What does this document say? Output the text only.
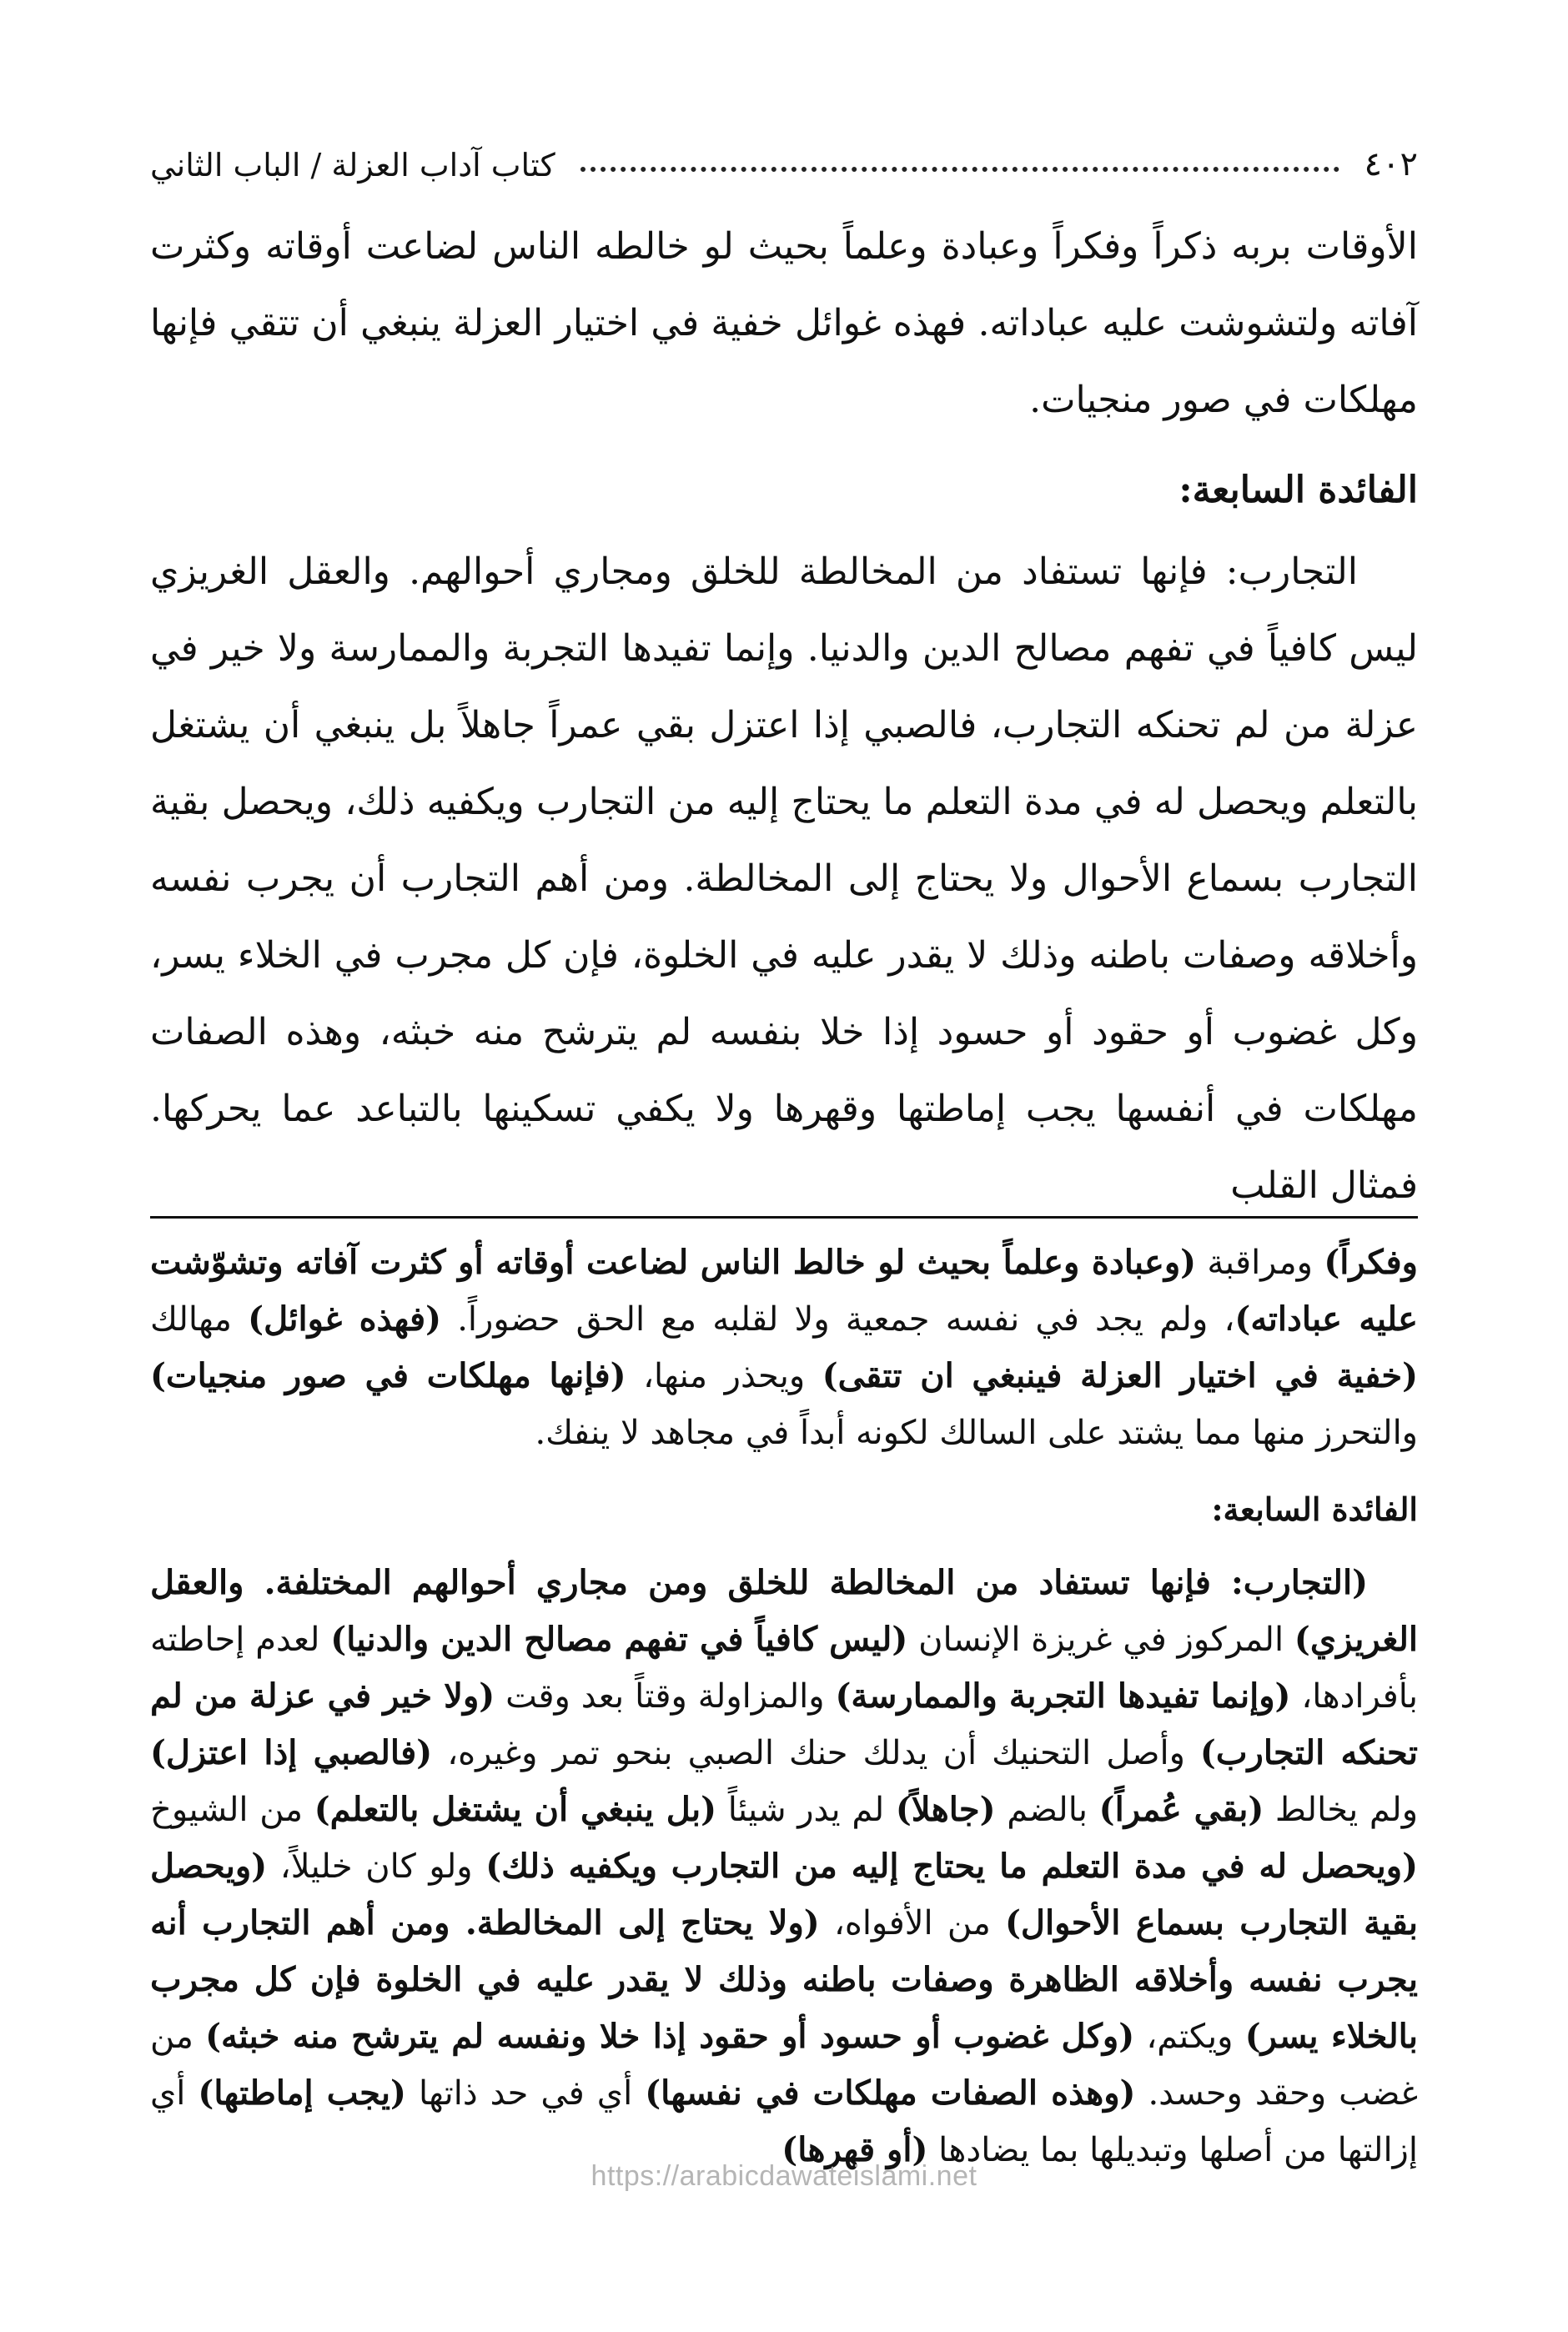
٤٠٢
كتاب آداب العزلة / الباب الثاني

الأوقات بربه ذكراً وفكراً وعبادة وعلماً بحيث لو خالطه الناس لضاعت أوقاته وكثرت آفاته ولتشوشت عليه عباداته. فهذه غوائل خفية في اختيار العزلة ينبغي أن تتقي فإنها مهلكات في صور منجيات.

الفائدة السابعة:

التجارب: فإنها تستفاد من المخالطة للخلق ومجاري أحوالهم. والعقل الغريزي ليس كافياً في تفهم مصالح الدين والدنيا. وإنما تفيدها التجربة والممارسة ولا خير في عزلة من لم تحنكه التجارب، فالصبي إذا اعتزل بقي عمراً جاهلاً بل ينبغي أن يشتغل بالتعلم ويحصل له في مدة التعلم ما يحتاج إليه من التجارب ويكفيه ذلك، ويحصل بقية التجارب بسماع الأحوال ولا يحتاج إلى المخالطة. ومن أهم التجارب أن يجرب نفسه وأخلاقه وصفات باطنه وذلك لا يقدر عليه في الخلوة، فإن كل مجرب في الخلاء يسر، وكل غضوب أو حقود أو حسود إذا خلا بنفسه لم يترشح منه خبثه، وهذه الصفات مهلكات في أنفسها يجب إماطتها وقهرها ولا يكفي تسكينها بالتباعد عما يحركها. فمثال القلب

وفكراً) ومراقبة (وعبادة وعلماً بحيث لو خالط الناس لضاعت أوقاته أو كثرت آفاته وتشوّشت عليه عباداته)، ولم يجد في نفسه جمعية ولا لقلبه مع الحق حضوراً. (فهذه غوائل) مهالك (خفية في اختيار العزلة فينبغي ان تتقى) ويحذر منها، (فإنها مهلكات في صور منجيات) والتحرز منها مما يشتد على السالك لكونه أبداً في مجاهد لا ينفك.

الفائدة السابعة:

(التجارب: فإنها تستفاد من المخالطة للخلق ومن مجاري أحوالهم المختلفة. والعقل الغريزي) المركوز في غريزة الإنسان (ليس كافياً في تفهم مصالح الدين والدنيا) لعدم إحاطته بأفرادها، (وإنما تفيدها التجربة والممارسة) والمزاولة وقتاً بعد وقت (ولا خير في عزلة من لم تحنكه التجارب) وأصل التحنيك أن يدلك حنك الصبي بنحو تمر وغيره، (فالصبي إذا اعتزل) ولم يخالط (بقي عُمراً) بالضم (جاهلاً) لم يدر شيئاً (بل ينبغي أن يشتغل بالتعلم) من الشيوخ (ويحصل له في مدة التعلم ما يحتاج إليه من التجارب ويكفيه ذلك) ولو كان خليلاً، (ويحصل بقية التجارب بسماع الأحوال) من الأفواه، (ولا يحتاج إلى المخالطة. ومن أهم التجارب أنه يجرب نفسه وأخلاقه الظاهرة وصفات باطنه وذلك لا يقدر عليه في الخلوة فإن كل مجرب بالخلاء يسر) ويكتم، (وكل غضوب أو حسود أو حقود إذا خلا ونفسه لم يترشح منه خبثه) من غضب وحقد وحسد. (وهذه الصفات مهلكات في نفسها) أي في حد ذاتها (يجب إماطتها) أي إزالتها من أصلها وتبديلها بما يضادها (أو قهرها)

https://arabicdawateislami.net
